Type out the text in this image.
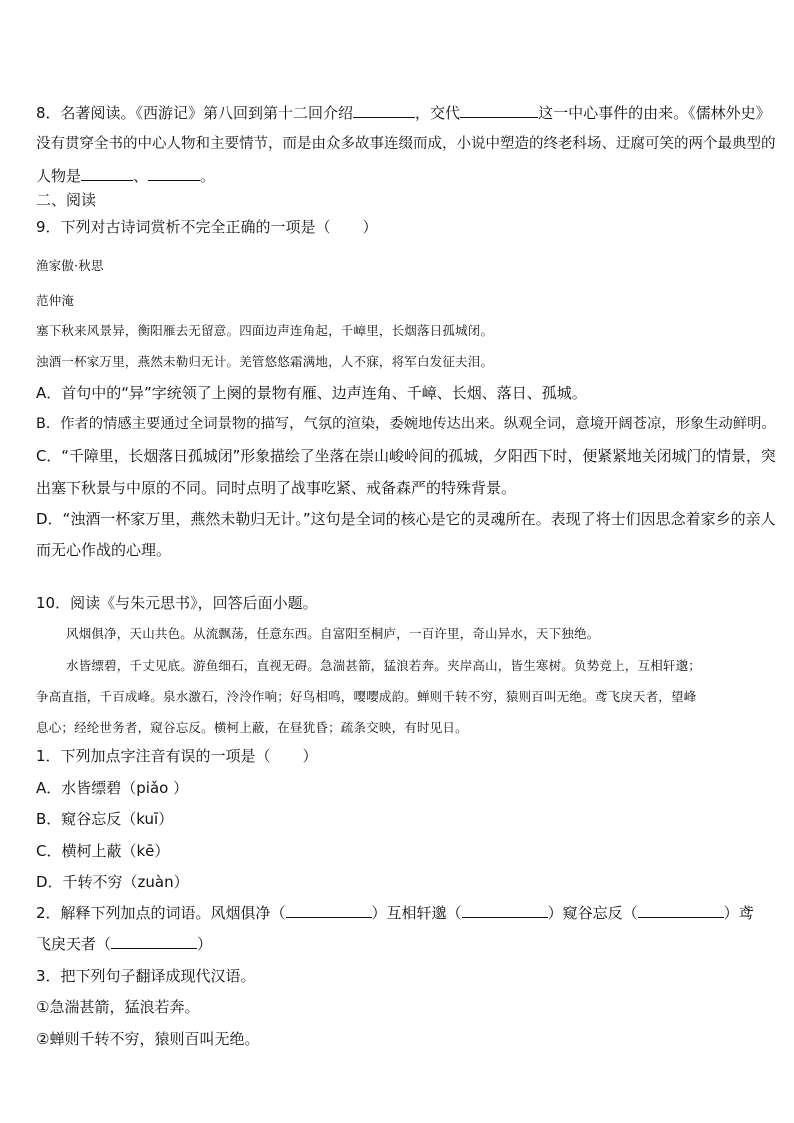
8．名著阅读。《西游记》第八回到第十二回介绍	，交代	这一中心事件的由来。《儒林外史》
没有贯穿全书的中心人物和主要情节，而是由众多故事连缀而成，小说中塑造的终老科场、迂腐可笑的两个最典型的
人物是	、	。
二、阅读
9．下列对古诗词赏析不完全正确的一项是（ ）
渔家傲·秋思
范仲淹
塞下秋来风景异，衡阳雁去无留意。四面边声连角起，千嶂里，长烟落日孤城闭。
浊酒一杯家万里，燕然未勒归无计。羌管悠悠霜满地，人不寐，将军白发征夫泪。
A．首句中的“异”字统领了上阕的景物有雁、边声连角、千嶂、长烟、落日、孤城。
B．作者的情感主要通过全词景物的描写，气氛的渲染，委婉地传达出来。纵观全词，意境开阔苍凉，形象生动鲜明。
C．“千障里，长烟落日孤城闭”形象描绘了坐落在崇山峻岭间的孤城，夕阳西下时，便紧紧地关闭城门的情景，突
出塞下秋景与中原的不同。同时点明了战事吃紧、戒备森严的特殊背景。
D．“浊酒一杯家万里，燕然未勒归无计。”这句是全词的核心是它的灵魂所在。表现了将士们因思念着家乡的亲人
而无心作战的心理。
10．阅读《与朱元思书》，回答后面小题。
风烟俱净，天山共色。从流飘荡，任意东西。自富阳至桐庐，一百许里，奇山异水，天下独绝。
水皆缥碧，千丈见底。游鱼细石，直视无碍。急湍甚箭，猛浪若奔。夹岸高山，皆生寒树。负势竞上，互相轩邈；
争高直指，千百成峰。泉水激石，泠泠作响；好鸟相鸣，嘤嘤成韵。蝉则千转不穷，猿则百叫无绝。鸢飞戾天者，望峰
息心；经纶世务者，窥谷忘反。横柯上蔽，在昼犹昏；疏条交映，有时见日。
1．下列加点字注音有误的一项是（ ）
A．水皆缥碧（piǎo ）
B．窥谷忘反（kuī）
C．横柯上蔽（kē）
D．千转不穷（zuàn）
2．解释下列加点的词语。风烟俱净（	）互相轩邈（	）窥谷忘反（	）鸢
飞戾天者（	）
3．把下列句子翻译成现代汉语。
①急湍甚箭，猛浪若奔。
②蝉则千转不穷，猿则百叫无绝。
